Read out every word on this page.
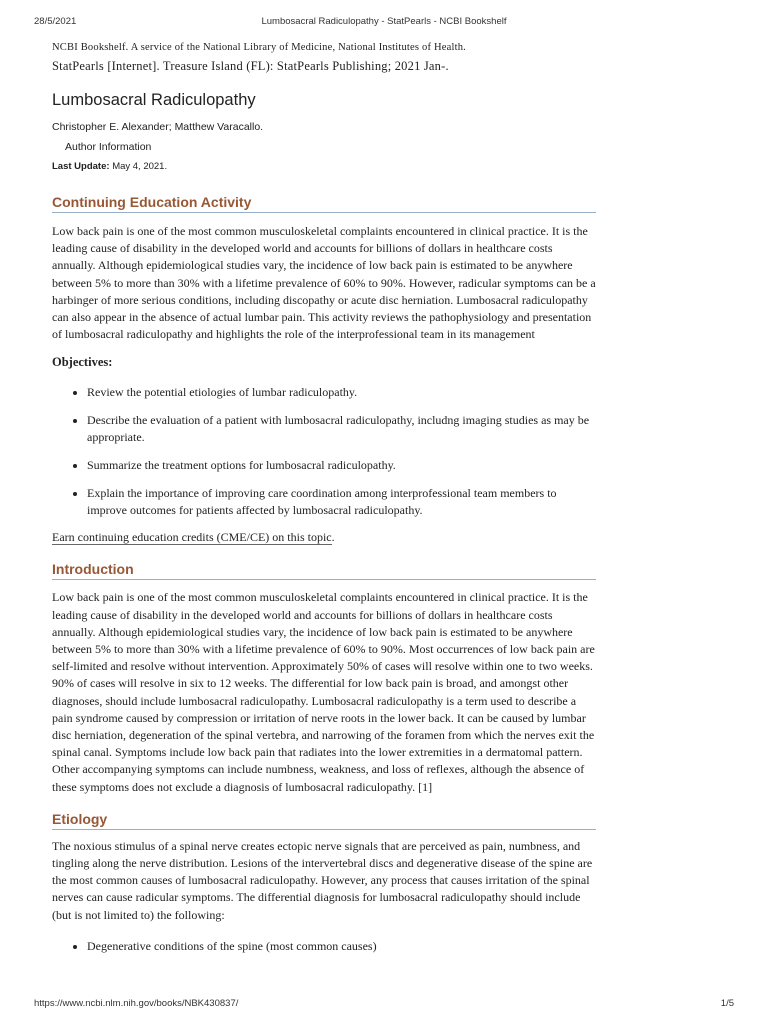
28/5/2021	Lumbosacral Radiculopathy - StatPearls - NCBI Bookshelf
NCBI Bookshelf. A service of the National Library of Medicine, National Institutes of Health.
StatPearls [Internet]. Treasure Island (FL): StatPearls Publishing; 2021 Jan-.
Lumbosacral Radiculopathy
Christopher E. Alexander; Matthew Varacallo.
Author Information
Last Update: May 4, 2021.
Continuing Education Activity

Low back pain is one of the most common musculoskeletal complaints encountered in clinical practice. It is the leading cause of disability in the developed world and accounts for billions of dollars in healthcare costs annually. Although epidemiological studies vary, the incidence of low back pain is estimated to be anywhere between 5% to more than 30% with a lifetime prevalence of 60% to 90%. However, radicular symptoms can be a harbinger of more serious conditions, including discopathy or acute disc herniation. Lumbosacral radiculopathy can also appear in the absence of actual lumbar pain. This activity reviews the pathophysiology and presentation of lumbosacral radiculopathy and highlights the role of the interprofessional team in its management

Objectives:
• Review the potential etiologies of lumbar radiculopathy.
• Describe the evaluation of a patient with lumbosacral radiculopathy, includng imaging studies as may be appropriate.
• Summarize the treatment options for lumbosacral radiculopathy.
• Explain the importance of improving care coordination among interprofessional team members to improve outcomes for patients affected by lumbosacral radiculopathy.

Earn continuing education credits (CME/CE) on this topic.

Introduction

Low back pain is one of the most common musculoskeletal complaints encountered in clinical practice. It is the leading cause of disability in the developed world and accounts for billions of dollars in healthcare costs annually. Although epidemiological studies vary, the incidence of low back pain is estimated to be anywhere between 5% to more than 30% with a lifetime prevalence of 60% to 90%. Most occurrences of low back pain are self-limited and resolve without intervention. Approximately 50% of cases will resolve within one to two weeks. 90% of cases will resolve in six to 12 weeks. The differential for low back pain is broad, and amongst other diagnoses, should include lumbosacral radiculopathy. Lumbosacral radiculopathy is a term used to describe a pain syndrome caused by compression or irritation of nerve roots in the lower back. It can be caused by lumbar disc herniation, degeneration of the spinal vertebra, and narrowing of the foramen from which the nerves exit the spinal canal. Symptoms include low back pain that radiates into the lower extremities in a dermatomal pattern. Other accompanying symptoms can include numbness, weakness, and loss of reflexes, although the absence of these symptoms does not exclude a diagnosis of lumbosacral radiculopathy. [1]

Etiology

The noxious stimulus of a spinal nerve creates ectopic nerve signals that are perceived as pain, numbness, and tingling along the nerve distribution. Lesions of the intervertebral discs and degenerative disease of the spine are the most common causes of lumbosacral radiculopathy. However, any process that causes irritation of the spinal nerves can cause radicular symptoms. The differential diagnosis for lumbosacral radiculopathy should include (but is not limited to) the following:

• Degenerative conditions of the spine (most common causes)
https://www.ncbi.nlm.nih.gov/books/NBK430837/	1/5
